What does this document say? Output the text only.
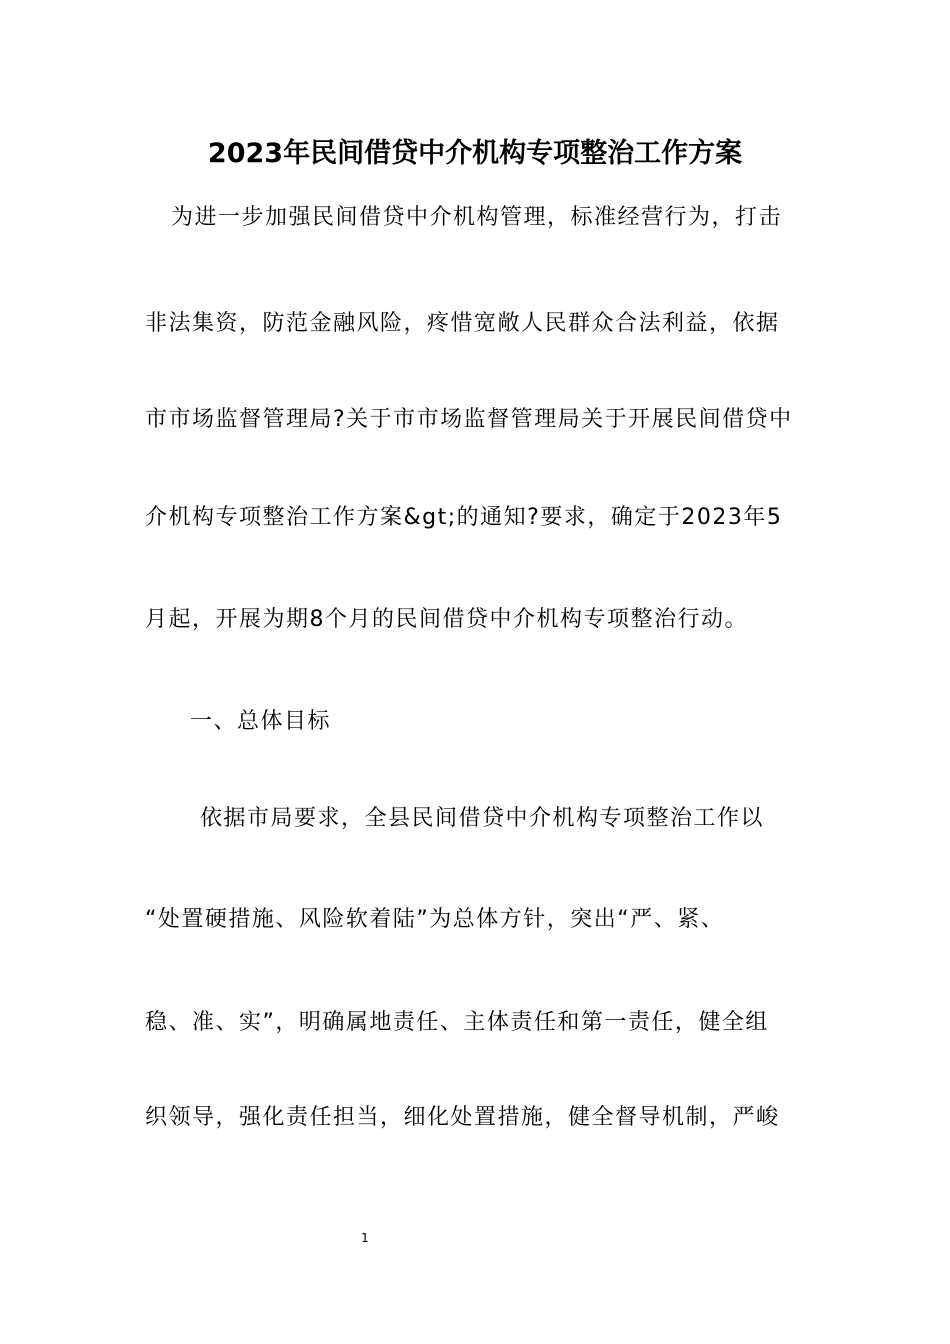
2023年民间借贷中介机构专项整治工作方案
为进一步加强民间借贷中介机构管理，标准经营行为，打击
非法集资，防范金融风险，疼惜宽敞人民群众合法利益，依据
市市场监督管理局?关于市市场监督管理局关于开展民间借贷中
介机构专项整治工作方案&gt;的通知?要求，确定于2023年5
月起，开展为期8个月的民间借贷中介机构专项整治行动。
一、总体目标
依据市局要求，全县民间借贷中介机构专项整治工作以
“处置硬措施、风险软着陆”为总体方针，突出“严、紧、
稳、准、实”，明确属地责任、主体责任和第一责任，健全组
织领导，强化责任担当，细化处置措施，健全督导机制，严峻
1
